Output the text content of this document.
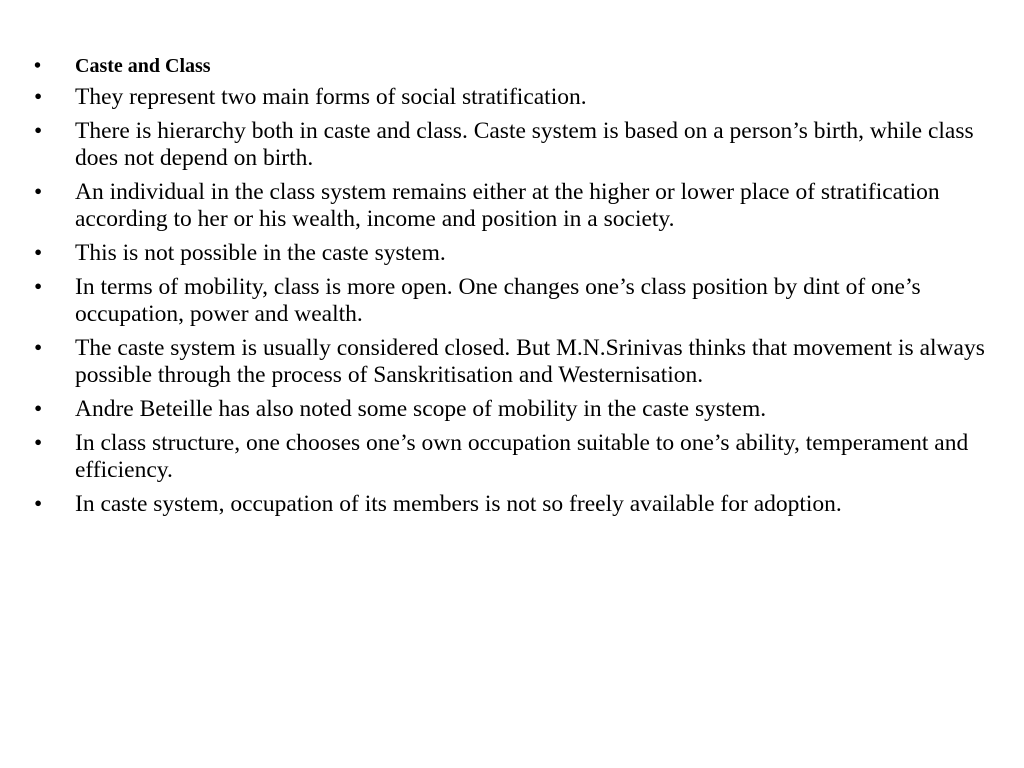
•	Caste and Class
•	They represent two main forms of social stratification.
•	There is hierarchy both in caste and class. Caste system is based on a person’s birth, while class does not depend on birth.
•	An individual in the class system remains either at the higher or lower place of stratification according to her or his wealth, income and position in a society.
•	This is not possible in the caste system.
•	In terms of mobility, class is more open. One changes one’s class position by dint of one’s occupation, power and wealth.
•	The caste system is usually considered closed. But M.N.Srinivas thinks that movement is always possible through the process of Sanskritisation and Westernisation.
•	Andre Beteille has also noted some scope of mobility in the caste system.
•	In class structure, one chooses one’s own occupation suitable to one’s ability, temperament and efficiency.
•	In caste system, occupation of its members is not so freely available for adoption.
